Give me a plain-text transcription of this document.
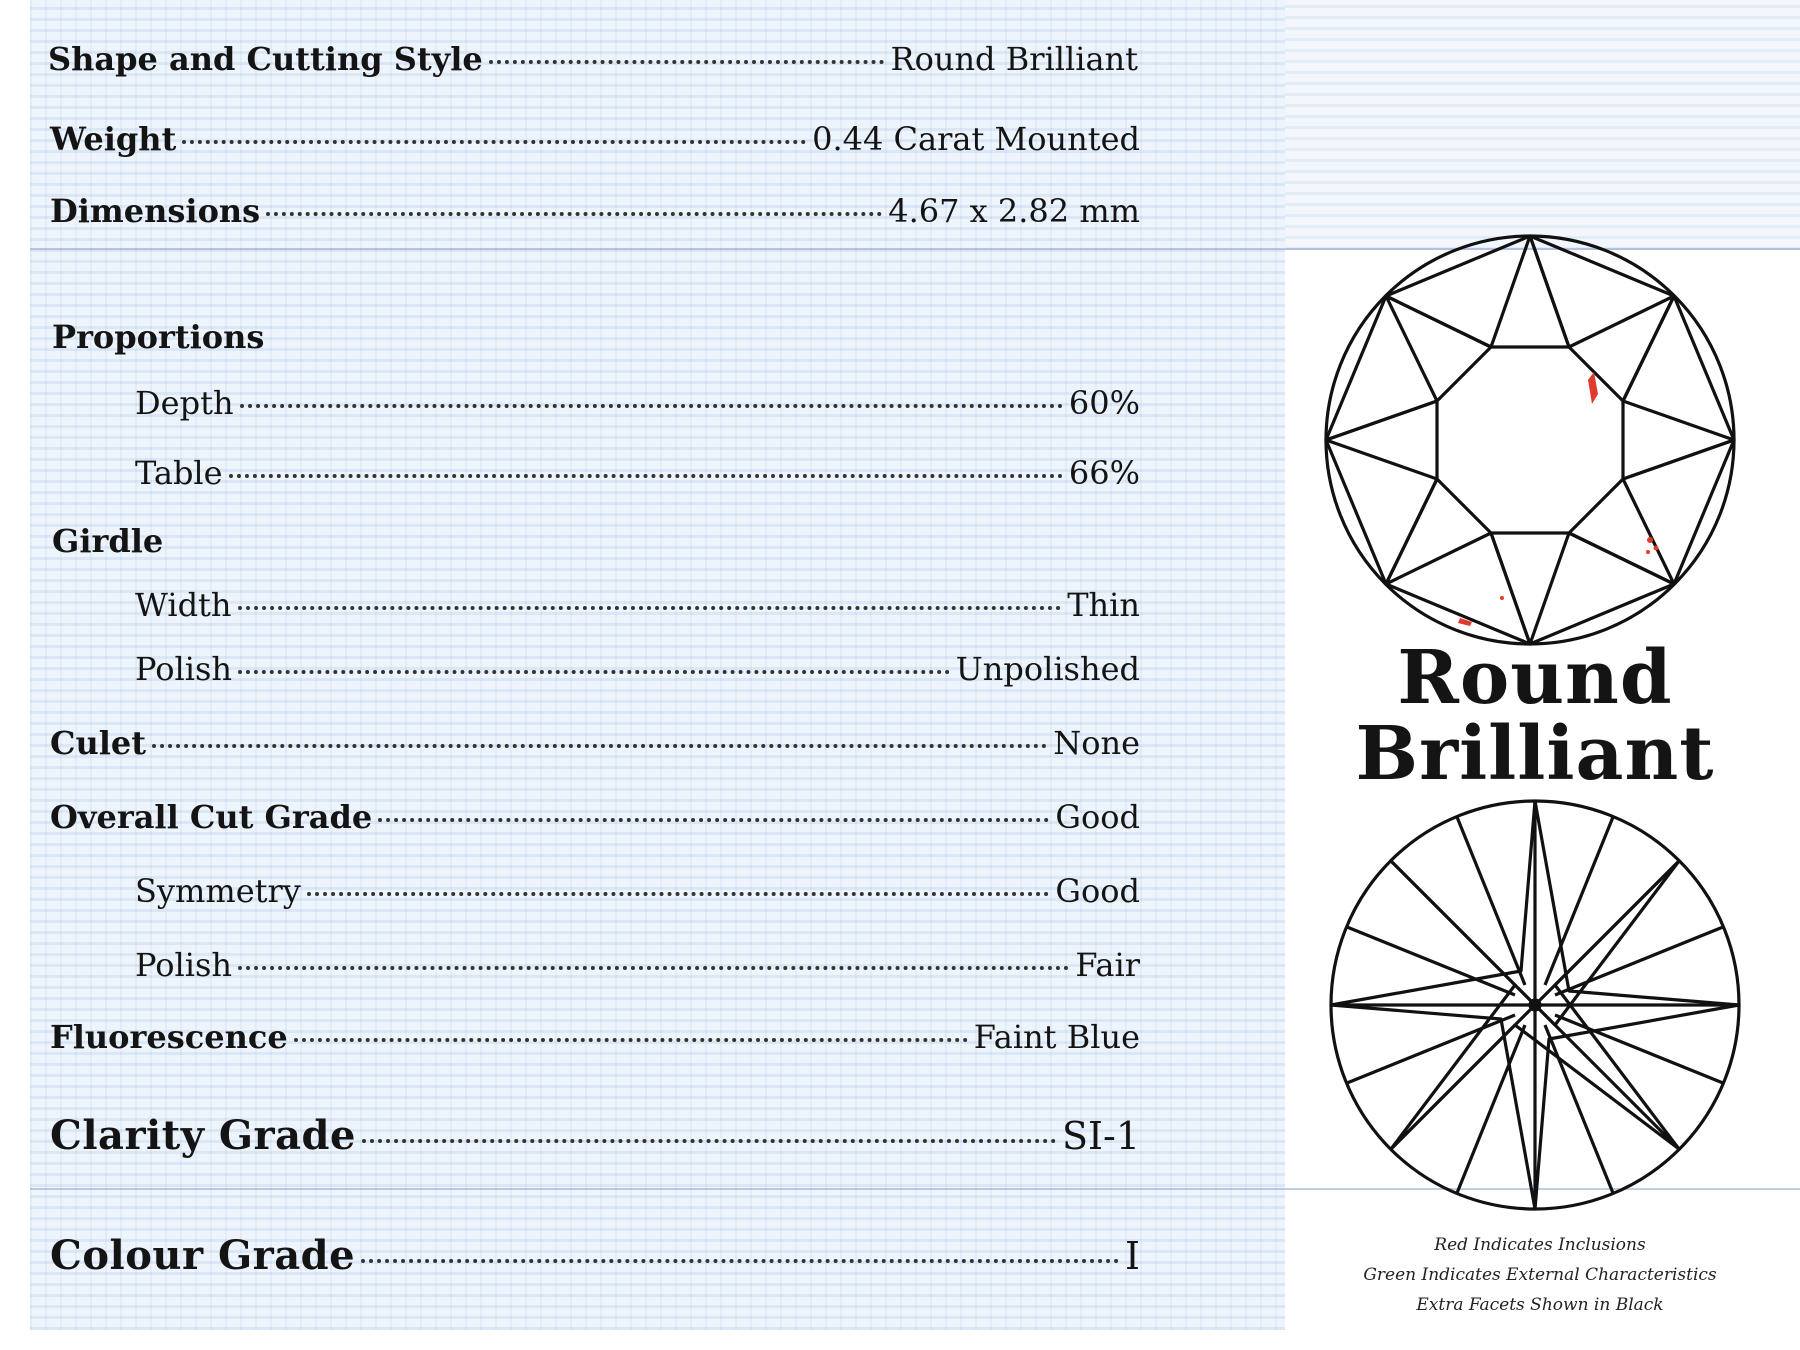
Shape and Cutting Style	Round Brilliant
Weight	0.44 Carat Mounted
Dimensions	4.67 x 2.82 mm
Proportions
Depth	60%
Table	66%
Girdle
Width	Thin
Polish	Unpolished
Culet	None
Overall Cut Grade	Good
Symmetry	Good
Polish	Fair
Fluorescence	Faint Blue
Clarity Grade	SI-1
Colour Grade	I
Round
Brilliant
Red Indicates Inclusions
Green Indicates External Characteristics
Extra Facets Shown in Black
